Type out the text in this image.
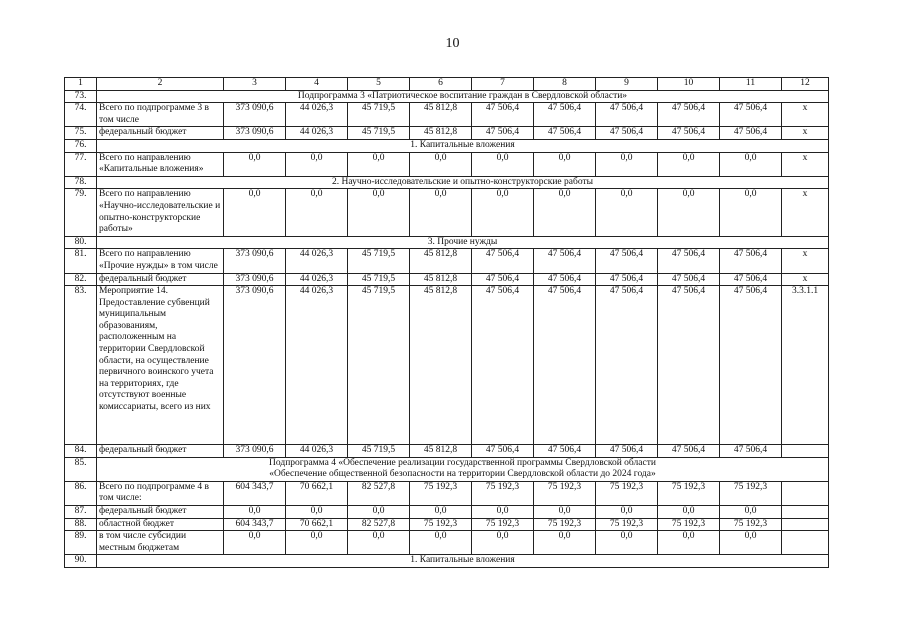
10
1	2	3	4	5	6	7	8	9	10	11	12
73.	Подпрограмма 3 «Патриотическое воспитание граждан в Свердловской области»										
74.	Всего по подпрограмме 3 в том числе	373 090,6	44 026,3	45 719,5	45 812,8	47 506,4	47 506,4	47 506,4	47 506,4	47 506,4	x
75.	федеральный бюджет	373 090,6	44 026,3	45 719,5	45 812,8	47 506,4	47 506,4	47 506,4	47 506,4	47 506,4	x
76.	1. Капитальные вложения										
77.	Всего по направлению «Капитальные вложения»	0,0	0,0	0,0	0,0	0,0	0,0	0,0	0,0	0,0	x
78.	2. Научно-исследовательские и опытно-конструкторские работы										
79.	Всего по направлению «Научно-исследовательские и опытно-конструкторские работы»	0,0	0,0	0,0	0,0	0,0	0,0	0,0	0,0	0,0	x
80.	3. Прочие нужды										
81.	Всего по направлению «Прочие нужды» в том числе	373 090,6	44 026,3	45 719,5	45 812,8	47 506,4	47 506,4	47 506,4	47 506,4	47 506,4	x
82.	федеральный бюджет	373 090,6	44 026,3	45 719,5	45 812,8	47 506,4	47 506,4	47 506,4	47 506,4	47 506,4	x
83.	Мероприятие 14. Предоставление субвенций муниципальным образованиям, расположенным на территории Свердловской области, на осуществление первичного воинского учета на территориях, где отсутствуют военные комиссариаты, всего из них	373 090,6	44 026,3	45 719,5	45 812,8	47 506,4	47 506,4	47 506,4	47 506,4	47 506,4	3.3.1.1
84.	федеральный бюджет	373 090,6	44 026,3	45 719,5	45 812,8	47 506,4	47 506,4	47 506,4	47 506,4	47 506,4	
85.	Подпрограмма 4 «Обеспечение реализации государственной программы Свердловской области
«Обеспечение общественной безопасности на территории Свердловской области до 2024 года»										

86.	Всего по подпрограмме 4 в том числе:	604 343,7	70 662,1	82 527,8	75 192,3	75 192,3	75 192,3	75 192,3	75 192,3	75 192,3	
87.	федеральный бюджет	0,0	0,0	0,0	0,0	0,0	0,0	0,0	0,0	0,0	
88.	областной бюджет	604 343,7	70 662,1	82 527,8	75 192,3	75 192,3	75 192,3	75 192,3	75 192,3	75 192,3	
89.	в том числе субсидии местным бюджетам	0,0	0,0	0,0	0,0	0,0	0,0	0,0	0,0	0,0	
90.	1. Капитальные вложения										
